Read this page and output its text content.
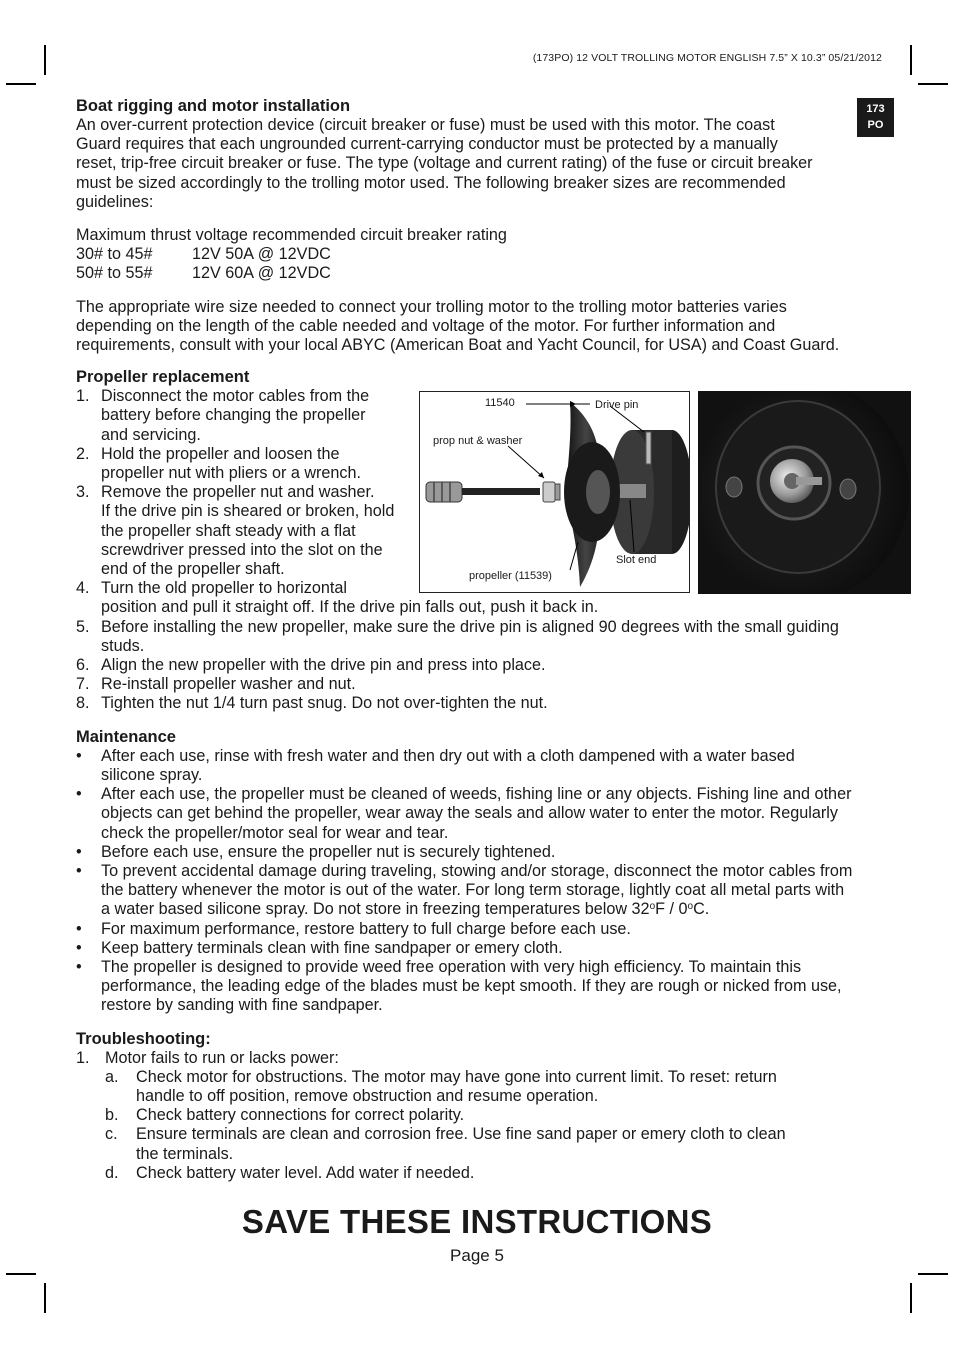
(173PO) 12 VOLT TROLLING MOTOR ENGLISH 7.5” X 10.3” 05/21/2012
173
PO
Boat rigging and motor installation

An over-current protection device (circuit breaker or fuse) must be used with this motor. The coast

Guard requires that each ungrounded current-carrying conductor must be protected by a manually

reset, trip-free circuit breaker or fuse. The type (voltage and current rating) of the fuse or circuit breaker

must be sized accordingly to the trolling motor used. The following breaker sizes are recommended

guidelines:

Maximum thrust voltage recommended circuit breaker rating

30# to 45#	12V 50A @ 12VDC
50# to 55#	12V 60A @ 12VDC

The appropriate wire size needed to connect your trolling motor to the trolling motor batteries varies

depending on the length of the cable needed and voltage of the motor. For further information and

requirements, consult with your local ABYC (American Boat and Yacht Council, for USA) and Coast Guard.

Propeller replacement
1. Disconnect the motor cables from the

battery before changing the propeller

and servicing.

2. Hold the propeller and loosen the

propeller nut with pliers or a wrench.

3. Remove the propeller nut and washer.

If the drive pin is sheared or broken, hold

the propeller shaft steady with a flat

screwdriver pressed into the slot on the

end of the propeller shaft.

4. Turn the old propeller to horizontal

position and pull it straight off. If the drive pin falls out, push it back in.

5. Before installing the new propeller, make sure the drive pin is aligned 90 degrees with the small guiding

studs.

6. Align the new propeller with the drive pin and press into place.
7. Re-install propeller washer and nut.
8. Tighten the nut 1/4 turn past snug. Do not over-tighten the nut.
Maintenance
•	After each use, rinse with fresh water and then dry out with a cloth dampened with a water based

silicone spray.

•	After each use, the propeller must be cleaned of weeds, fishing line or any objects. Fishing line and other

objects can get behind the propeller, wear away the seals and allow water to enter the motor. Regularly

check the propeller/motor seal for wear and tear.

•	Before each use, ensure the propeller nut is securely tightened.
•	To prevent accidental damage during traveling, stowing and/or storage, disconnect the motor cables from

the battery whenever the motor is out of the water. For long term storage, lightly coat all metal parts with

a water based silicone spray. Do not store in freezing temperatures below 32$^o$F / 0$^o$C.

•	For maximum performance, restore battery to full charge before each use.
•	Keep battery terminals clean with fine sandpaper or emery cloth.
•	The propeller is designed to provide weed free operation with very high efficiency. To maintain this

performance, the leading edge of the blades must be kept smooth. If they are rough or nicked from use,

restore by sanding with fine sandpaper.

Troubleshooting:
1. Motor fails to run or lacks power:
a.	Check motor for obstructions. The motor may have gone into current limit. To reset: return

handle to off position, remove obstruction and resume operation.

b.	Check battery connections for correct polarity.
c.	Ensure terminals are clean and corrosion free. Use fine sand paper or emery cloth to clean

the terminals.

d.	Check battery water level. Add water if needed.
11540	Drive pin
prop nut & washer
Slot end
propeller (11539)
SAVE THESE INSTRUCTIONS
Page 5
